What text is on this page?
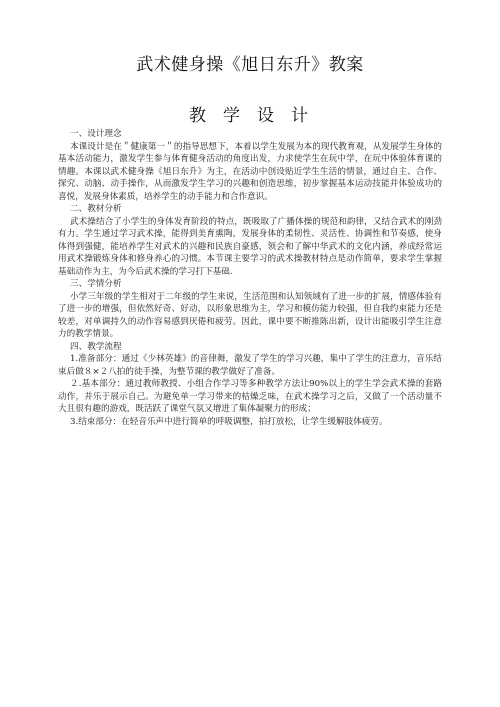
武术健身操《旭日东升》教案
教学设计

一、设计理念

本课设计是在＂健康第一＂的指导思想下，本着以学生发展为本的现代教育观，从发展学生身体的基本活动能力，激发学生参与体育健身活动的角度出发，力求使学生在玩中学，在玩中体验体育课的情趣。本课以武术健身操《旭日东升》为主，在活动中创设贴近学生生活的情景，通过自主、合作、探究、动脑、动手操作，从而激发学生学习的兴趣和创造思维，初步掌握基本运动技能并体验成功的喜悦，发展身体素质，培养学生的动手能力和合作意识。

二、教材分析

武术操结合了小学生的身体发育阶段的特点，既吸取了广播体操的规范和韵律，又结合武术的刚劲有力。学生通过学习武术操，能得到美育熏陶，发展身体的柔韧性、灵活性、协调性和节奏感，使身体得到强健，能培养学生对武术的兴趣和民族自豪感，领会和了解中华武术的文化内涵，养成经常运用武术操锻炼身体和修身养心的习惯。本节课主要学习的武术操教材特点是动作简单，要求学生掌握基础动作为主，为今后武术操的学习打下基础.

三、学情分析

小学三年级的学生相对于二年级的学生来说，生活范围和认知领域有了进一步的扩展，情感体验有了进一步的增强，但依然好奇、好动，以形象思维为主，学习和模仿能力较强，但自我约束能力还是较差，对单调持久的动作容易感到厌倦和疲劳。因此，课中要不断推陈出新，设计出能吸引学生注意力的教学情景。

四、教学流程

1.准备部分：通过《少林英雄》的音律舞，激发了学生的学习兴趣，集中了学生的注意力，音乐结束后做８×２八拍的徒手操，为整节课的教学做好了准备。

２.基本部分：通过教师教授、小组合作学习等多种教学方法让90%以上的学生学会武术操的套路动作，并乐于展示自己。为避免单一学习带来的枯燥乏味，在武术操学习之后，又做了一个活动量不大且很有趣的游戏，既活跃了课堂气氛又增进了集体凝聚力的形成；

3.结束部分：在轻音乐声中进行简单的呼吸调整，拍打放松，让学生缓解肢体疲劳。
